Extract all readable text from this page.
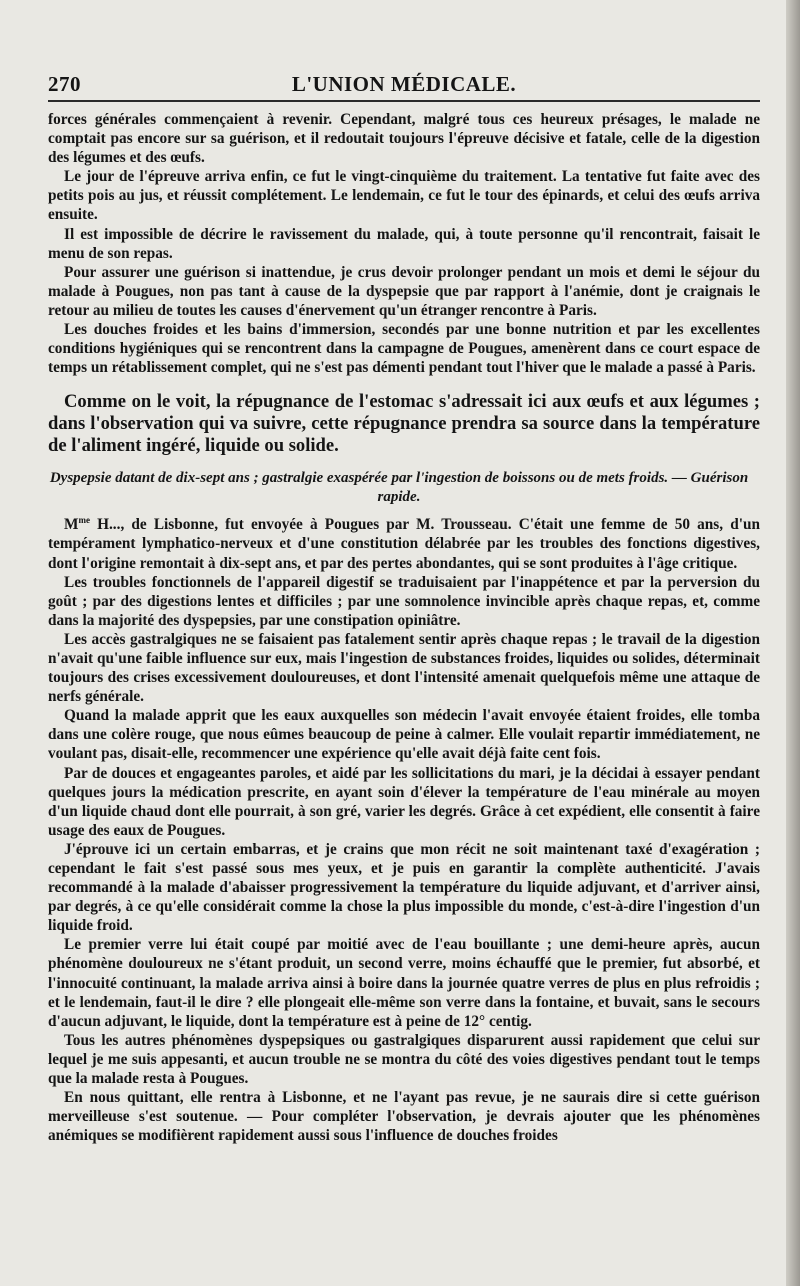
270	L'UNION MÉDICALE.

forces générales commençaient à revenir. Cependant, malgré tous ces heureux présages, le malade ne comptait pas encore sur sa guérison, et il redoutait toujours l'épreuve décisive et fatale, celle de la digestion des légumes et des œufs.

Le jour de l'épreuve arriva enfin, ce fut le vingt-cinquième du traitement. La tentative fut faite avec des petits pois au jus, et réussit complétement. Le lendemain, ce fut le tour des épinards, et celui des œufs arriva ensuite.

Il est impossible de décrire le ravissement du malade, qui, à toute personne qu'il rencontrait, faisait le menu de son repas.

Pour assurer une guérison si inattendue, je crus devoir prolonger pendant un mois et demi le séjour du malade à Pougues, non pas tant à cause de la dyspepsie que par rapport à l'anémie, dont je craignais le retour au milieu de toutes les causes d'énervement qu'un étranger rencontre à Paris.

Les douches froides et les bains d'immersion, secondés par une bonne nutrition et par les excellentes conditions hygiéniques qui se rencontrent dans la campagne de Pougues, amenèrent dans ce court espace de temps un rétablissement complet, qui ne s'est pas démenti pendant tout l'hiver que le malade a passé à Paris.

Comme on le voit, la répugnance de l'estomac s'adressait ici aux œufs et aux légumes ; dans l'observation qui va suivre, cette répugnance prendra sa source dans la température de l'aliment ingéré, liquide ou solide.

Dyspepsie datant de dix-sept ans ; gastralgie exaspérée par l'ingestion de boissons ou de mets froids. — Guérison rapide.

$M^{me}$ H..., de Lisbonne, fut envoyée à Pougues par M. Trousseau. C'était une femme de 50 ans, d'un tempérament lymphatico-nerveux et d'une constitution délabrée par les troubles des fonctions digestives, dont l'origine remontait à dix-sept ans, et par des pertes abondantes, qui se sont produites à l'âge critique.

Les troubles fonctionnels de l'appareil digestif se traduisaient par l'inappétence et par la perversion du goût ; par des digestions lentes et difficiles ; par une somnolence invincible après chaque repas, et, comme dans la majorité des dyspepsies, par une constipation opiniâtre.

Les accès gastralgiques ne se faisaient pas fatalement sentir après chaque repas ; le travail de la digestion n'avait qu'une faible influence sur eux, mais l'ingestion de substances froides, liquides ou solides, déterminait toujours des crises excessivement douloureuses, et dont l'intensité amenait quelquefois même une attaque de nerfs générale.

Quand la malade apprit que les eaux auxquelles son médecin l'avait envoyée étaient froides, elle tomba dans une colère rouge, que nous eûmes beaucoup de peine à calmer. Elle voulait repartir immédiatement, ne voulant pas, disait-elle, recommencer une expérience qu'elle avait déjà faite cent fois.

Par de douces et engageantes paroles, et aidé par les sollicitations du mari, je la décidai à essayer pendant quelques jours la médication prescrite, en ayant soin d'élever la température de l'eau minérale au moyen d'un liquide chaud dont elle pourrait, à son gré, varier les degrés. Grâce à cet expédient, elle consentit à faire usage des eaux de Pougues.

J'éprouve ici un certain embarras, et je crains que mon récit ne soit maintenant taxé d'exagération ; cependant le fait s'est passé sous mes yeux, et je puis en garantir la complète authenticité. J'avais recommandé à la malade d'abaisser progressivement la température du liquide adjuvant, et d'arriver ainsi, par degrés, à ce qu'elle considérait comme la chose la plus impossible du monde, c'est-à-dire l'ingestion d'un liquide froid.

Le premier verre lui était coupé par moitié avec de l'eau bouillante ; une demi-heure après, aucun phénomène douloureux ne s'étant produit, un second verre, moins échauffé que le premier, fut absorbé, et l'innocuité continuant, la malade arriva ainsi à boire dans la journée quatre verres de plus en plus refroidis ; et le lendemain, faut-il le dire ? elle plongeait elle-même son verre dans la fontaine, et buvait, sans le secours d'aucun adjuvant, le liquide, dont la température est à peine de 12° centig.

Tous les autres phénomènes dyspepsiques ou gastralgiques disparurent aussi rapidement que celui sur lequel je me suis appesanti, et aucun trouble ne se montra du côté des voies digestives pendant tout le temps que la malade resta à Pougues.

En nous quittant, elle rentra à Lisbonne, et ne l'ayant pas revue, je ne saurais dire si cette guérison merveilleuse s'est soutenue. — Pour compléter l'observation, je devrais ajouter que les phénomènes anémiques se modifièrent rapidement aussi sous l'influence de douches froides
